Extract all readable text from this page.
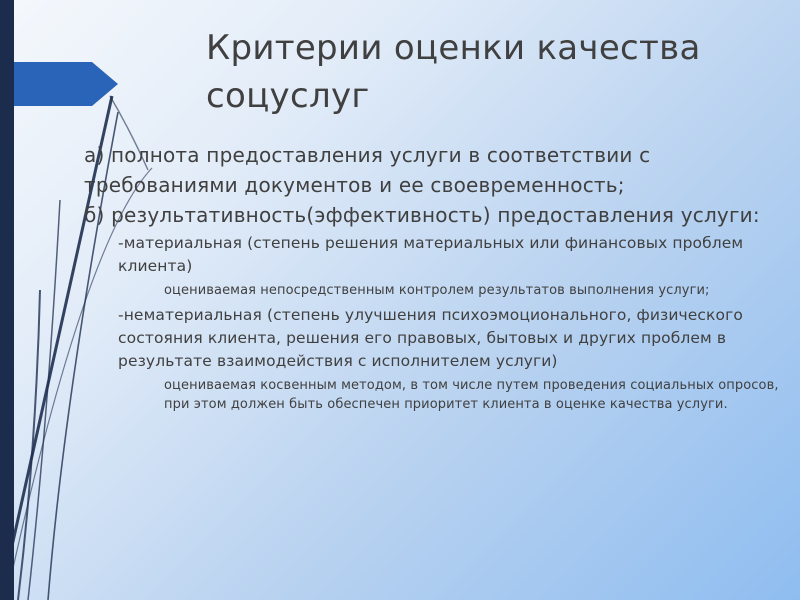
Критерии оценки качества соцуслуг

а) полнота предоставления услуги в соответствии с требованиями документов и ее своевременность;

б) результативность(эффективность) предоставления услуги:

-материальная (степень решения материальных или финансовых проблем клиента)

оцениваемая непосредственным контролем результатов выполнения услуги;

-нематериальная (степень улучшения психоэмоционального, физического состояния клиента, решения его правовых, бытовых и других проблем в результате взаимодействия с исполнителем услуги)

оцениваемая косвенным методом, в том числе путем проведения социальных опросов, при этом должен быть обеспечен приоритет клиента в оценке качества услуги.
